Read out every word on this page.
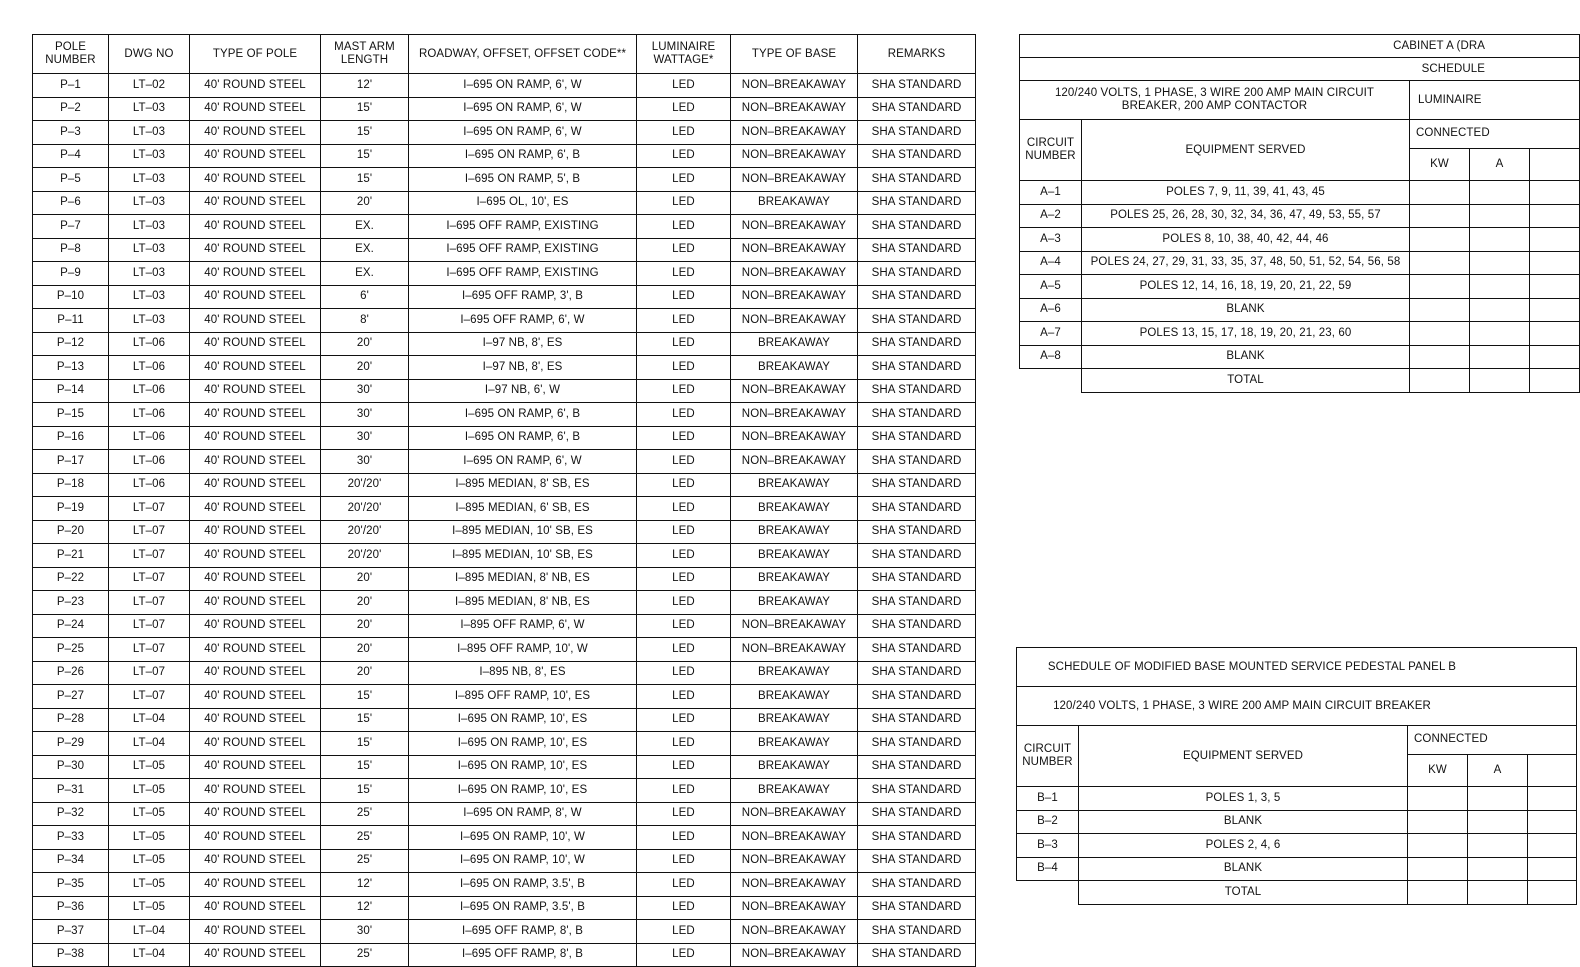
POLE NUMBER	DWG NO	TYPE OF POLE	MAST ARM LENGTH	ROADWAY, OFFSET, OFFSET CODE**	LUMINAIRE WATTAGE*	TYPE OF BASE	REMARKS
P–1	LT–02	40' ROUND STEEL	12'	I–695 ON RAMP, 6', W	LED	NON–BREAKAWAY	SHA STANDARD
P–2	LT–03	40' ROUND STEEL	15'	I–695 ON RAMP, 6', W	LED	NON–BREAKAWAY	SHA STANDARD
P–3	LT–03	40' ROUND STEEL	15'	I–695 ON RAMP, 6', W	LED	NON–BREAKAWAY	SHA STANDARD
P–4	LT–03	40' ROUND STEEL	15'	I–695 ON RAMP, 6', B	LED	NON–BREAKAWAY	SHA STANDARD
P–5	LT–03	40' ROUND STEEL	15'	I–695 ON RAMP, 5', B	LED	NON–BREAKAWAY	SHA STANDARD
P–6	LT–03	40' ROUND STEEL	20'	I–695 OL, 10', ES	LED	BREAKAWAY	SHA STANDARD
P–7	LT–03	40' ROUND STEEL	EX.	I–695 OFF RAMP, EXISTING	LED	NON–BREAKAWAY	SHA STANDARD
P–8	LT–03	40' ROUND STEEL	EX.	I–695 OFF RAMP, EXISTING	LED	NON–BREAKAWAY	SHA STANDARD
P–9	LT–03	40' ROUND STEEL	EX.	I–695 OFF RAMP, EXISTING	LED	NON–BREAKAWAY	SHA STANDARD
P–10	LT–03	40' ROUND STEEL	6'	I–695 OFF RAMP, 3', B	LED	NON–BREAKAWAY	SHA STANDARD
P–11	LT–03	40' ROUND STEEL	8'	I–695 OFF RAMP, 6', W	LED	NON–BREAKAWAY	SHA STANDARD
P–12	LT–06	40' ROUND STEEL	20'	I–97 NB, 8', ES	LED	BREAKAWAY	SHA STANDARD
P–13	LT–06	40' ROUND STEEL	20'	I–97 NB, 8', ES	LED	BREAKAWAY	SHA STANDARD
P–14	LT–06	40' ROUND STEEL	30'	I–97 NB, 6', W	LED	NON–BREAKAWAY	SHA STANDARD
P–15	LT–06	40' ROUND STEEL	30'	I–695 ON RAMP, 6', B	LED	NON–BREAKAWAY	SHA STANDARD
P–16	LT–06	40' ROUND STEEL	30'	I–695 ON RAMP, 6', B	LED	NON–BREAKAWAY	SHA STANDARD
P–17	LT–06	40' ROUND STEEL	30'	I–695 ON RAMP, 6', W	LED	NON–BREAKAWAY	SHA STANDARD
P–18	LT–06	40' ROUND STEEL	20'/20'	I–895 MEDIAN, 8' SB, ES	LED	BREAKAWAY	SHA STANDARD
P–19	LT–07	40' ROUND STEEL	20'/20'	I–895 MEDIAN, 6' SB, ES	LED	BREAKAWAY	SHA STANDARD
P–20	LT–07	40' ROUND STEEL	20'/20'	I–895 MEDIAN, 10' SB, ES	LED	BREAKAWAY	SHA STANDARD
P–21	LT–07	40' ROUND STEEL	20'/20'	I–895 MEDIAN, 10' SB, ES	LED	BREAKAWAY	SHA STANDARD
P–22	LT–07	40' ROUND STEEL	20'	I–895 MEDIAN, 8' NB, ES	LED	BREAKAWAY	SHA STANDARD
P–23	LT–07	40' ROUND STEEL	20'	I–895 MEDIAN, 8' NB, ES	LED	BREAKAWAY	SHA STANDARD
P–24	LT–07	40' ROUND STEEL	20'	I–895 OFF RAMP, 6', W	LED	NON–BREAKAWAY	SHA STANDARD
P–25	LT–07	40' ROUND STEEL	20'	I–895 OFF RAMP, 10', W	LED	NON–BREAKAWAY	SHA STANDARD
P–26	LT–07	40' ROUND STEEL	20'	I–895 NB, 8', ES	LED	BREAKAWAY	SHA STANDARD
P–27	LT–07	40' ROUND STEEL	15'	I–895 OFF RAMP, 10', ES	LED	BREAKAWAY	SHA STANDARD
P–28	LT–04	40' ROUND STEEL	15'	I–695 ON RAMP, 10', ES	LED	BREAKAWAY	SHA STANDARD
P–29	LT–04	40' ROUND STEEL	15'	I–695 ON RAMP, 10', ES	LED	BREAKAWAY	SHA STANDARD
P–30	LT–05	40' ROUND STEEL	15'	I–695 ON RAMP, 10', ES	LED	BREAKAWAY	SHA STANDARD
P–31	LT–05	40' ROUND STEEL	15'	I–695 ON RAMP, 10', ES	LED	BREAKAWAY	SHA STANDARD
P–32	LT–05	40' ROUND STEEL	25'	I–695 ON RAMP, 8', W	LED	NON–BREAKAWAY	SHA STANDARD
P–33	LT–05	40' ROUND STEEL	25'	I–695 ON RAMP, 10', W	LED	NON–BREAKAWAY	SHA STANDARD
P–34	LT–05	40' ROUND STEEL	25'	I–695 ON RAMP, 10', W	LED	NON–BREAKAWAY	SHA STANDARD
P–35	LT–05	40' ROUND STEEL	12'	I–695 ON RAMP, 3.5', B	LED	NON–BREAKAWAY	SHA STANDARD
P–36	LT–05	40' ROUND STEEL	12'	I–695 ON RAMP, 3.5', B	LED	NON–BREAKAWAY	SHA STANDARD
P–37	LT–04	40' ROUND STEEL	30'	I–695 OFF RAMP, 8', B	LED	NON–BREAKAWAY	SHA STANDARD
P–38	LT–04	40' ROUND STEEL	25'	I–695 OFF RAMP, 8', B	LED	NON–BREAKAWAY	SHA STANDARD
CABINET A (DRA				
SCHEDULE				
120/240 VOLTS, 1 PHASE, 3 WIRE 200 AMP MAIN CIRCUIT BREAKER, 200 AMP CONTACTOR		LUMINAIRE		
CIRCUIT NUMBER	EQUIPMENT SERVED	CONNECTED		
		KW	A	
A–1	POLES 7, 9, 11, 39, 41, 43, 45			
A–2	POLES 25, 26, 28, 30, 32, 34, 36, 47, 49, 53, 55, 57			
A–3	POLES 8, 10, 38, 40, 42, 44, 46			
A–4	POLES 24, 27, 29, 31, 33, 35, 37, 48, 50, 51, 52, 54, 56, 58			
A–5	POLES 12, 14, 16, 18, 19, 20, 21, 22, 59			
A–6	BLANK			
A–7	POLES 13, 15, 17, 18, 19, 20, 21, 23, 60			
A–8	BLANK			
	TOTAL			
SCHEDULE OF MODIFIED BASE MOUNTED SERVICE PEDESTAL PANEL B				

120/240 VOLTS, 1 PHASE, 3 WIRE 200 AMP MAIN CIRCUIT BREAKER				

CIRCUIT NUMBER	EQUIPMENT SERVED	CONNECTED		
		KW	A	
B–1	POLES 1, 3, 5			
B–2	BLANK			
B–3	POLES 2, 4, 6			
B–4	BLANK			
	TOTAL			
